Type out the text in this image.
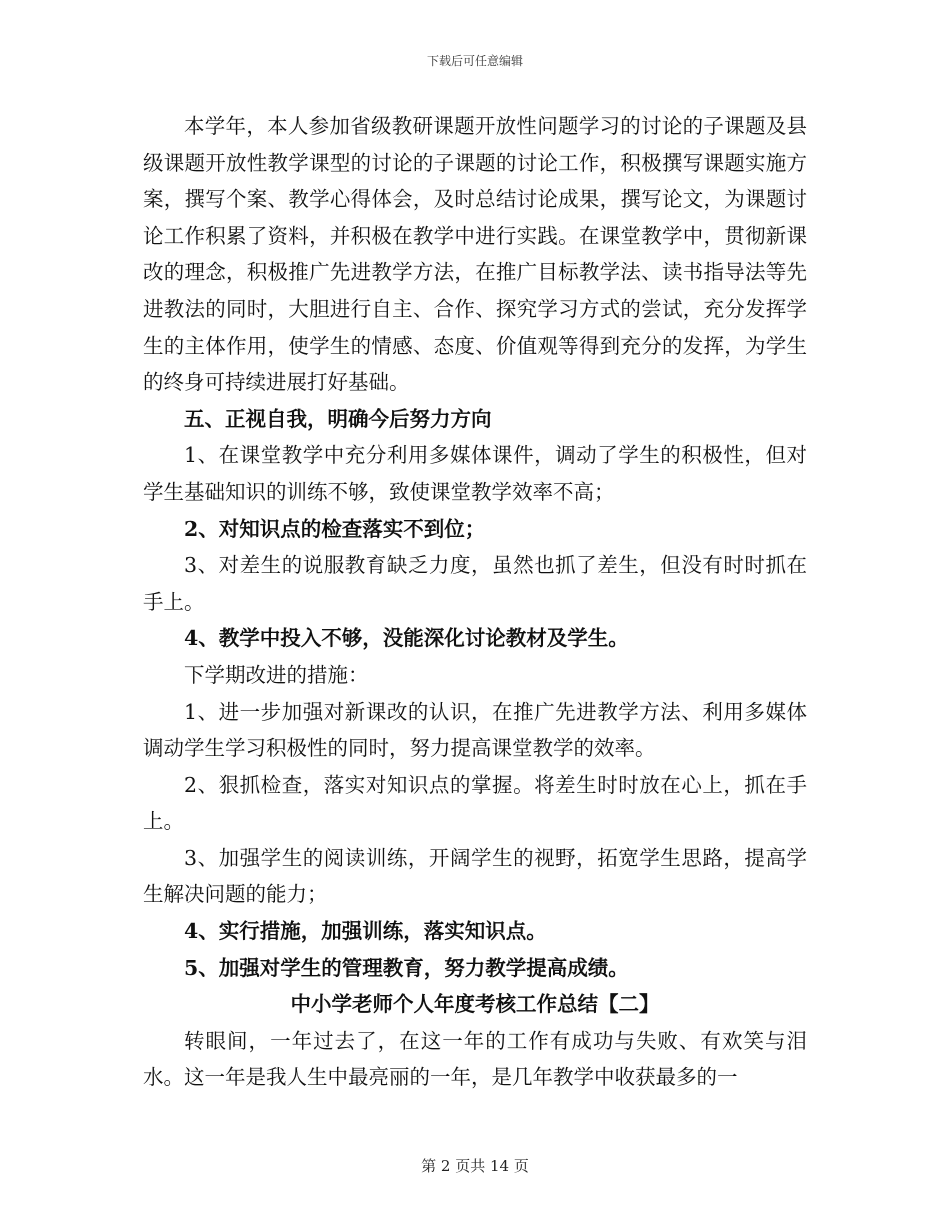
下载后可任意编辑

本学年，本人参加省级教研课题开放性问题学习的讨论的子课题及县级课题开放性教学课型的讨论的子课题的讨论工作，积极撰写课题实施方案，撰写个案、教学心得体会，及时总结讨论成果，撰写论文，为课题讨论工作积累了资料，并积极在教学中进行实践。在课堂教学中，贯彻新课改的理念，积极推广先进教学方法，在推广目标教学法、读书指导法等先进教法的同时，大胆进行自主、合作、探究学习方式的尝试，充分发挥学生的主体作用，使学生的情感、态度、价值观等得到充分的发挥，为学生的终身可持续进展打好基础。

五、正视自我，明确今后努力方向

1、在课堂教学中充分利用多媒体课件，调动了学生的积极性，但对学生基础知识的训练不够，致使课堂教学效率不高；

2、对知识点的检查落实不到位；

3、对差生的说服教育缺乏力度，虽然也抓了差生，但没有时时抓在手上。

4、教学中投入不够，没能深化讨论教材及学生。

下学期改进的措施：

1、进一步加强对新课改的认识，在推广先进教学方法、利用多媒体调动学生学习积极性的同时，努力提高课堂教学的效率。

2、狠抓检查，落实对知识点的掌握。将差生时时放在心上，抓在手上。

3、加强学生的阅读训练，开阔学生的视野，拓宽学生思路，提高学生解决问题的能力；

4、实行措施，加强训练，落实知识点。

5、加强对学生的管理教育，努力教学提高成绩。

中小学老师个人年度考核工作总结【二】

转眼间，一年过去了，在这一年的工作有成功与失败、有欢笑与泪水。这一年是我人生中最亮丽的一年，是几年教学中收获最多的一

第 2 页共 14 页
